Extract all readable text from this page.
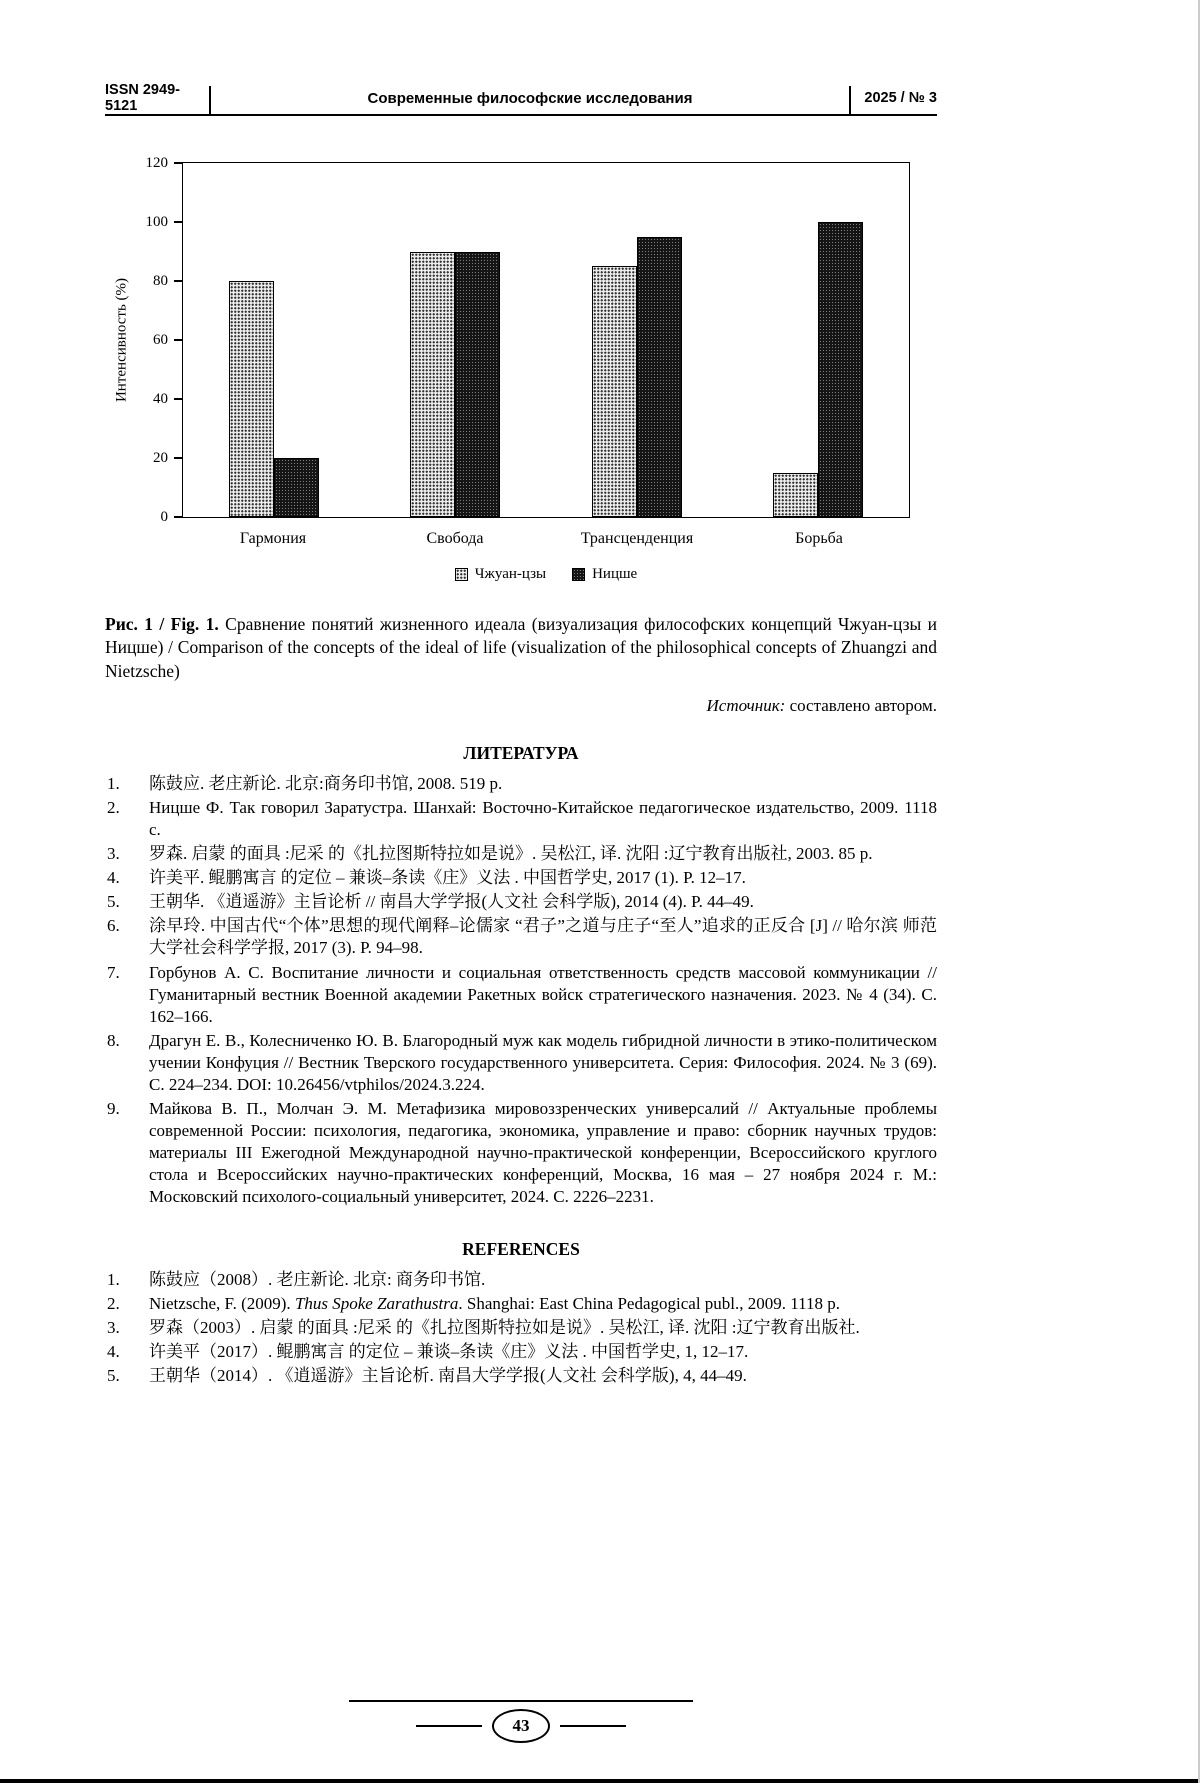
ISSN 2949-5121	Современные философские исследования	2025 / № 3
Интенсивность (%)
0
20
40
60
80
100
120
Гармония	Свобода	Трансценденция	Борьба
Чжуан-цзы	Ницше
Рис. 1 / Fig. 1. Сравнение понятий жизненного идеала (визуализация философских концепций Чжуан-цзы и Ницше) / Comparison of the concepts of the ideal of life (visualization of the philosophical concepts of Zhuangzi and Nietzsche)
Источник: составлено автором.
ЛИТЕРАТУРА
1.	陈鼓应. 老庄新论. 北京:商务印书馆, 2008. 519 p.
2.	Ницше Ф. Так говорил Заратустра. Шанхай: Восточно-Китайское педагогическое издательство, 2009. 1118 с.
3.	罗森. 启蒙 的面具 :尼采 的《扎拉图斯特拉如是说》. 吴松江, 译. 沈阳 :辽宁教育出版社, 2003. 85 p.
4.	许美平. 鲲鹏寓言 的定位 – 兼谈–条读《庄》义法 . 中国哲学史, 2017 (1). P. 12–17.
5.	王朝华. 《逍遥游》主旨论析 // 南昌大学学报(人文社 会科学版), 2014 (4). P. 44–49.
6.	涂早玲. 中国古代“个体”思想的现代阐释–论儒家 “君子”之道与庄子“至人”追求的正反合 [J] // 哈尔滨 师范大学社会科学学报, 2017 (3). P. 94–98.
7.	Горбунов А. С. Воспитание личности и социальная ответственность средств массовой коммуникации // Гуманитарный вестник Военной академии Ракетных войск стратегического назначения. 2023. № 4 (34). С. 162–166.
8.	Драгун Е. В., Колесниченко Ю. В. Благородный муж как модель гибридной личности в этико-политическом учении Конфуция // Вестник Тверского государственного университета. Серия: Философия. 2024. № 3 (69). С. 224–234. DOI: 10.26456/vtphilos/2024.3.224.
9.	Майкова В. П., Молчан Э. М. Метафизика мировоззренческих универсалий // Актуальные проблемы современной России: психология, педагогика, экономика, управление и право: сборник научных трудов: материалы III Ежегодной Международной научно-практической конференции, Всероссийского круглого стола и Всероссийских научно-практических конференций, Москва, 16 мая – 27 ноября 2024 г. М.: Московский психолого-социальный университет, 2024. С. 2226–2231.
REFERENCES
1.	陈鼓应（2008）. 老庄新论. 北京: 商务印书馆.
2.	Nietzsche, F. (2009). Thus Spoke Zarathustra. Shanghai: East China Pedagogical publ., 2009. 1118 p.
3.	罗森（2003）. 启蒙 的面具 :尼采 的《扎拉图斯特拉如是说》. 吴松江, 译. 沈阳 :辽宁教育出版社.
4.	许美平（2017）. 鲲鹏寓言 的定位 – 兼谈–条读《庄》义法 . 中国哲学史, 1, 12–17.
5.	王朝华（2014）. 《逍遥游》主旨论析. 南昌大学学报(人文社 会科学版), 4, 44–49.
43
